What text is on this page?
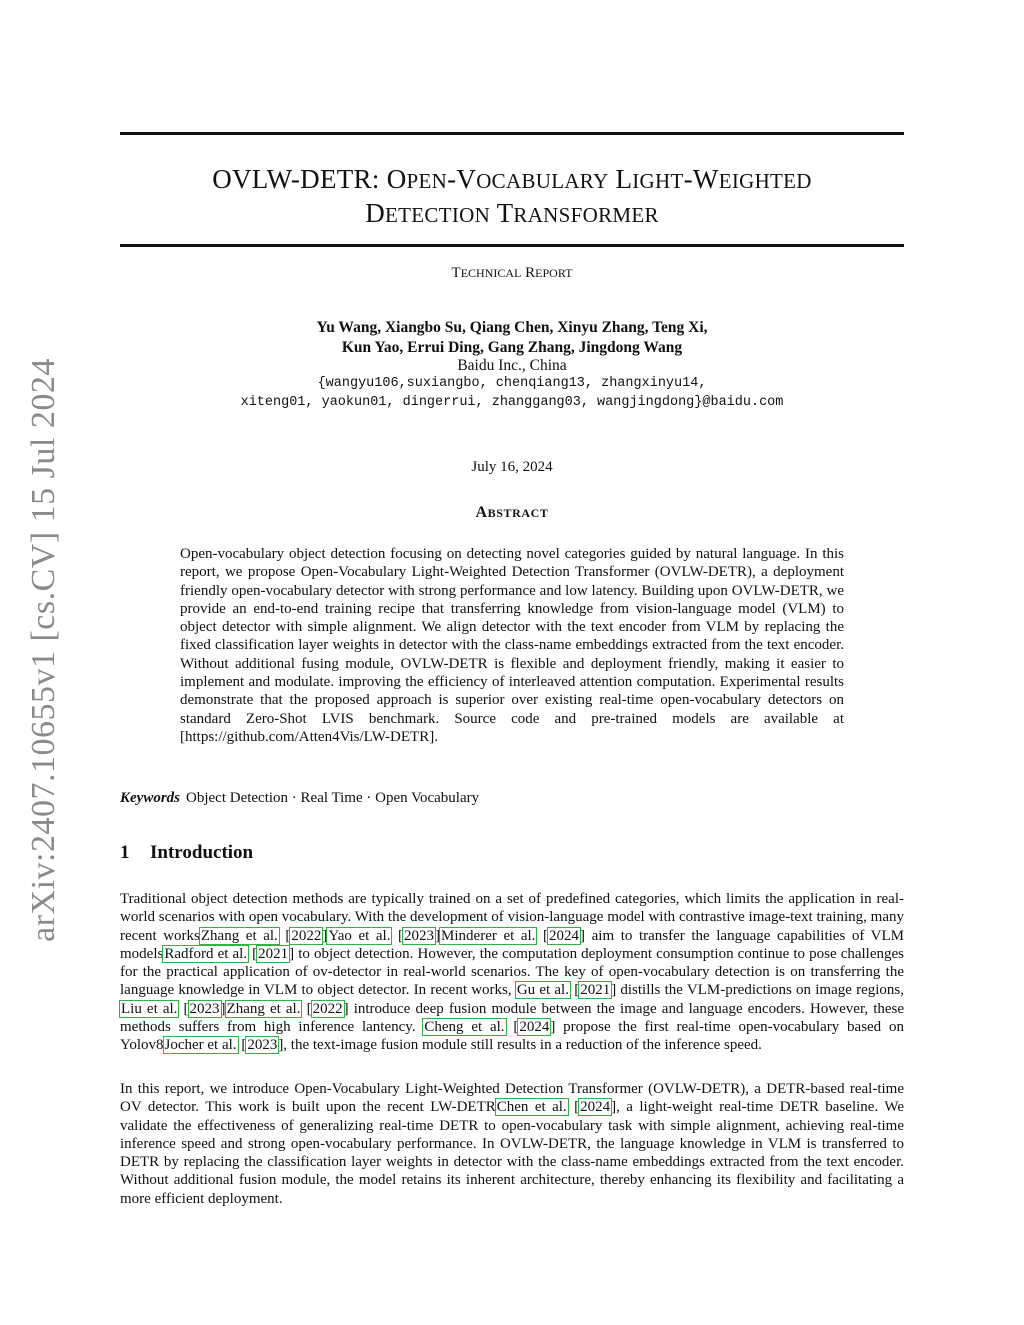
arXiv:2407.10655v1 [cs.CV] 15 Jul 2024
OVLW-DETR: OPEN-VOCABULARY LIGHT-WEIGHTED
DETECTION TRANSFORMER
TECHNICAL REPORT
Yu Wang, Xiangbo Su, Qiang Chen, Xinyu Zhang, Teng Xi,
Kun Yao, Errui Ding, Gang Zhang, Jingdong Wang
Baidu Inc., China
{wangyu106,suxiangbo, chenqiang13, zhangxinyu14,
xiteng01, yaokun01, dingerrui, zhanggang03, wangjingdong}@baidu.com
July 16, 2024
ABSTRACT

Open-vocabulary object detection focusing on detecting novel categories guided by natural language. In this report, we propose Open-Vocabulary Light-Weighted Detection Transformer (OVLW-DETR), a deployment friendly open-vocabulary detector with strong performance and low latency. Building upon OVLW-DETR, we provide an end-to-end training recipe that transferring knowledge from vision-language model (VLM) to object detector with simple alignment. We align detector with the text encoder from VLM by replacing the fixed classification layer weights in detector with the class-name embeddings extracted from the text encoder. Without additional fusing module, OVLW-DETR is flexible and deployment friendly, making it easier to implement and modulate. improving the efficiency of interleaved attention computation. Experimental results demonstrate that the proposed approach is superior over existing real-time open-vocabulary detectors on standard Zero-Shot LVIS benchmark. Source code and pre-trained models are available at [https://github.com/Atten4Vis/LW-DETR].

Keywords Object Detection · Real Time · Open Vocabulary
1 Introduction

Traditional object detection methods are typically trained on a set of predefined categories, which limits the application in real-world scenarios with open vocabulary. With the development of vision-language model with contrastive image-text training, many recent worksZhang et al. [2022]Yao et al. [2023]Minderer et al. [2024] aim to transfer the language capabilities of VLM modelsRadford et al. [2021] to object detection. However, the computation deployment consumption continue to pose challenges for the practical application of ov-detector in real-world scenarios. The key of open-vocabulary detection is on transferring the language knowledge in VLM to object detector. In recent works, Gu et al. [2021] distills the VLM-predictions on image regions, Liu et al. [2023]Zhang et al. [2022] introduce deep fusion module between the image and language encoders. However, these methods suffers from high inference lantency. Cheng et al. [2024] propose the first real-time open-vocabulary based on Yolov8Jocher et al. [2023], the text-image fusion module still results in a reduction of the inference speed.

In this report, we introduce Open-Vocabulary Light-Weighted Detection Transformer (OVLW-DETR), a DETR-based real-time OV detector. This work is built upon the recent LW-DETRChen et al. [2024], a light-weight real-time DETR baseline. We validate the effectiveness of generalizing real-time DETR to open-vocabulary task with simple alignment, achieving real-time inference speed and strong open-vocabulary performance. In OVLW-DETR, the language knowledge in VLM is transferred to DETR by replacing the classification layer weights in detector with the class-name embeddings extracted from the text encoder. Without additional fusion module, the model retains its inherent architecture, thereby enhancing its flexibility and facilitating a more efficient deployment.
